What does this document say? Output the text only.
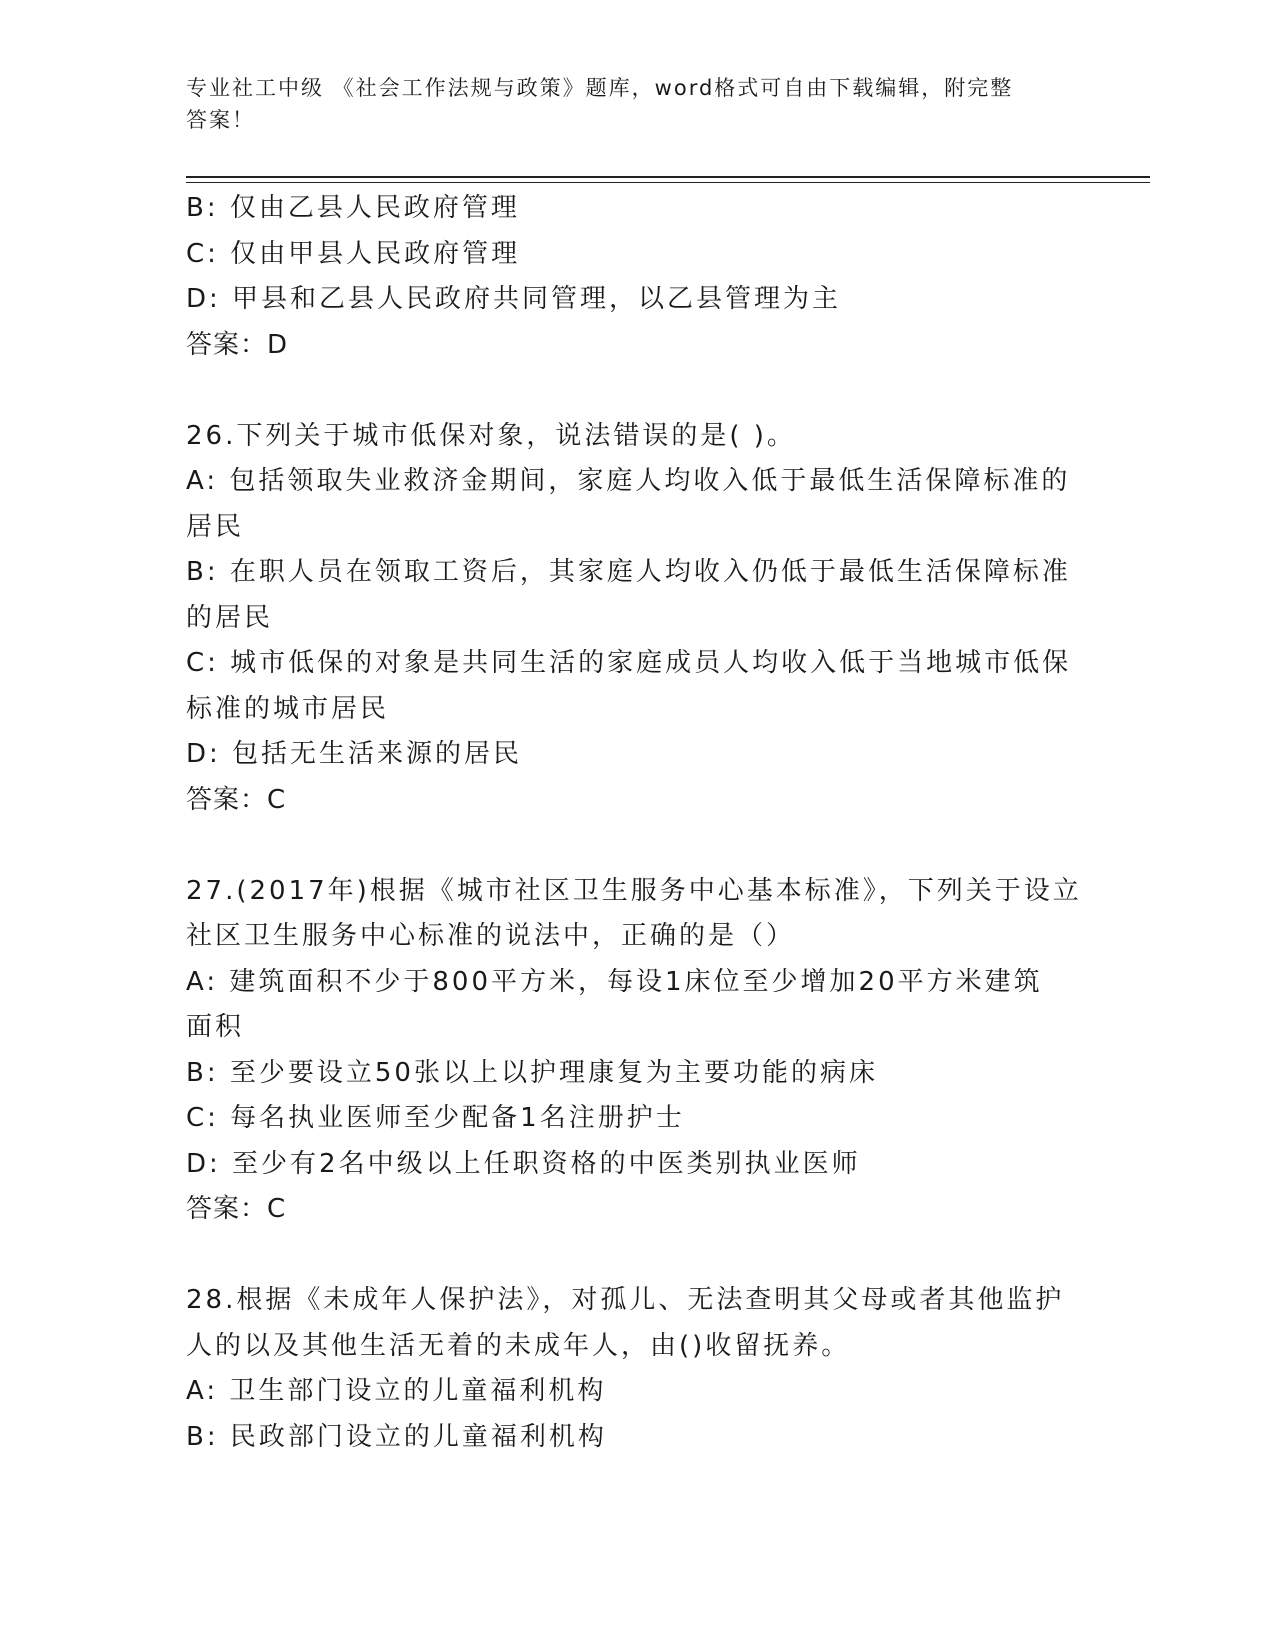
专业社工中级 《社会工作法规与政策》题库，word格式可自由下载编辑，附完整
答案！
B: 仅由乙县人民政府管理
C: 仅由甲县人民政府管理
D: 甲县和乙县人民政府共同管理，以乙县管理为主
答案：D
26.下列关于城市低保对象，说法错误的是( )。
A: 包括领取失业救济金期间，家庭人均收入低于最低生活保障标准的
居民
B: 在职人员在领取工资后，其家庭人均收入仍低于最低生活保障标准
的居民
C: 城市低保的对象是共同生活的家庭成员人均收入低于当地城市低保
标准的城市居民
D: 包括无生活来源的居民
答案：C
27.(2017年)根据《城市社区卫生服务中心基本标准》，下列关于设立
社区卫生服务中心标准的说法中，正确的是（）
A: 建筑面积不少于800平方米，每设1床位至少增加20平方米建筑
面积
B: 至少要设立50张以上以护理康复为主要功能的病床
C: 每名执业医师至少配备1名注册护士
D: 至少有2名中级以上任职资格的中医类别执业医师
答案：C
28.根据《未成年人保护法》，对孤儿、无法查明其父母或者其他监护
人的以及其他生活无着的未成年人，由()收留抚养。
A: 卫生部门设立的儿童福利机构
B: 民政部门设立的儿童福利机构
